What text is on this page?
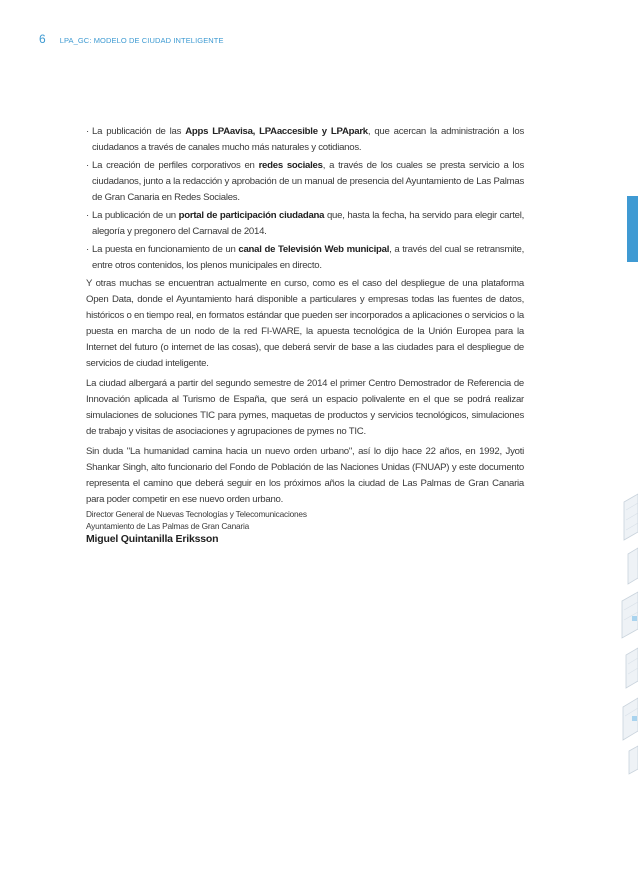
6 LPA_GC: MODELO DE CIUDAD INTELIGENTE
· La publicación de las Apps LPAavisa, LPAaccesible y LPApark, que acercan la administración a los ciudadanos a través de canales mucho más naturales y cotidianos.
· La creación de perfiles corporativos en redes sociales, a través de los cuales se presta servicio a los ciudadanos, junto a la redacción y aprobación de un manual de presencia del Ayuntamiento de Las Palmas de Gran Canaria en Redes Sociales.
· La publicación de un portal de participación ciudadana que, hasta la fecha, ha servido para elegir cartel, alegoría y pregonero del Carnaval de 2014.
· La puesta en funcionamiento de un canal de Televisión Web municipal, a través del cual se retransmite, entre otros contenidos, los plenos municipales en directo.

Y otras muchas se encuentran actualmente en curso, como es el caso del despliegue de una plataforma Open Data, donde el Ayuntamiento hará disponible a particulares y empresas todas las fuentes de datos, históricos o en tiempo real, en formatos estándar que pueden ser incorporados a aplicaciones o servicios o la puesta en marcha de un nodo de la red FI-WARE, la apuesta tecnológica de la Unión Europea para la Internet del futuro (o internet de las cosas), que deberá servir de base a las ciudades para el despliegue de servicios de ciudad inteligente.

La ciudad albergará a partir del segundo semestre de 2014 el primer Centro Demostrador de Referencia de Innovación aplicada al Turismo de España, que será un espacio polivalente en el que se podrá realizar simulaciones de soluciones TIC para pymes, maquetas de productos y servicios tecnológicos, simulaciones de trabajo y visitas de asociaciones y agrupaciones de pymes no TIC.

Sin duda "La humanidad camina hacia un nuevo orden urbano", así lo dijo hace 22 años, en 1992, Jyoti Shankar Singh, alto funcionario del Fondo de Población de las Naciones Unidas (FNUAP) y este documento representa el camino que deberá seguir en los próximos años la ciudad de Las Palmas de Gran Canaria para poder competir en ese nuevo orden urbano.

Director General de Nuevas Tecnologías y Telecomunicaciones
Ayuntamiento de Las Palmas de Gran Canaria
Miguel Quintanilla Eriksson
